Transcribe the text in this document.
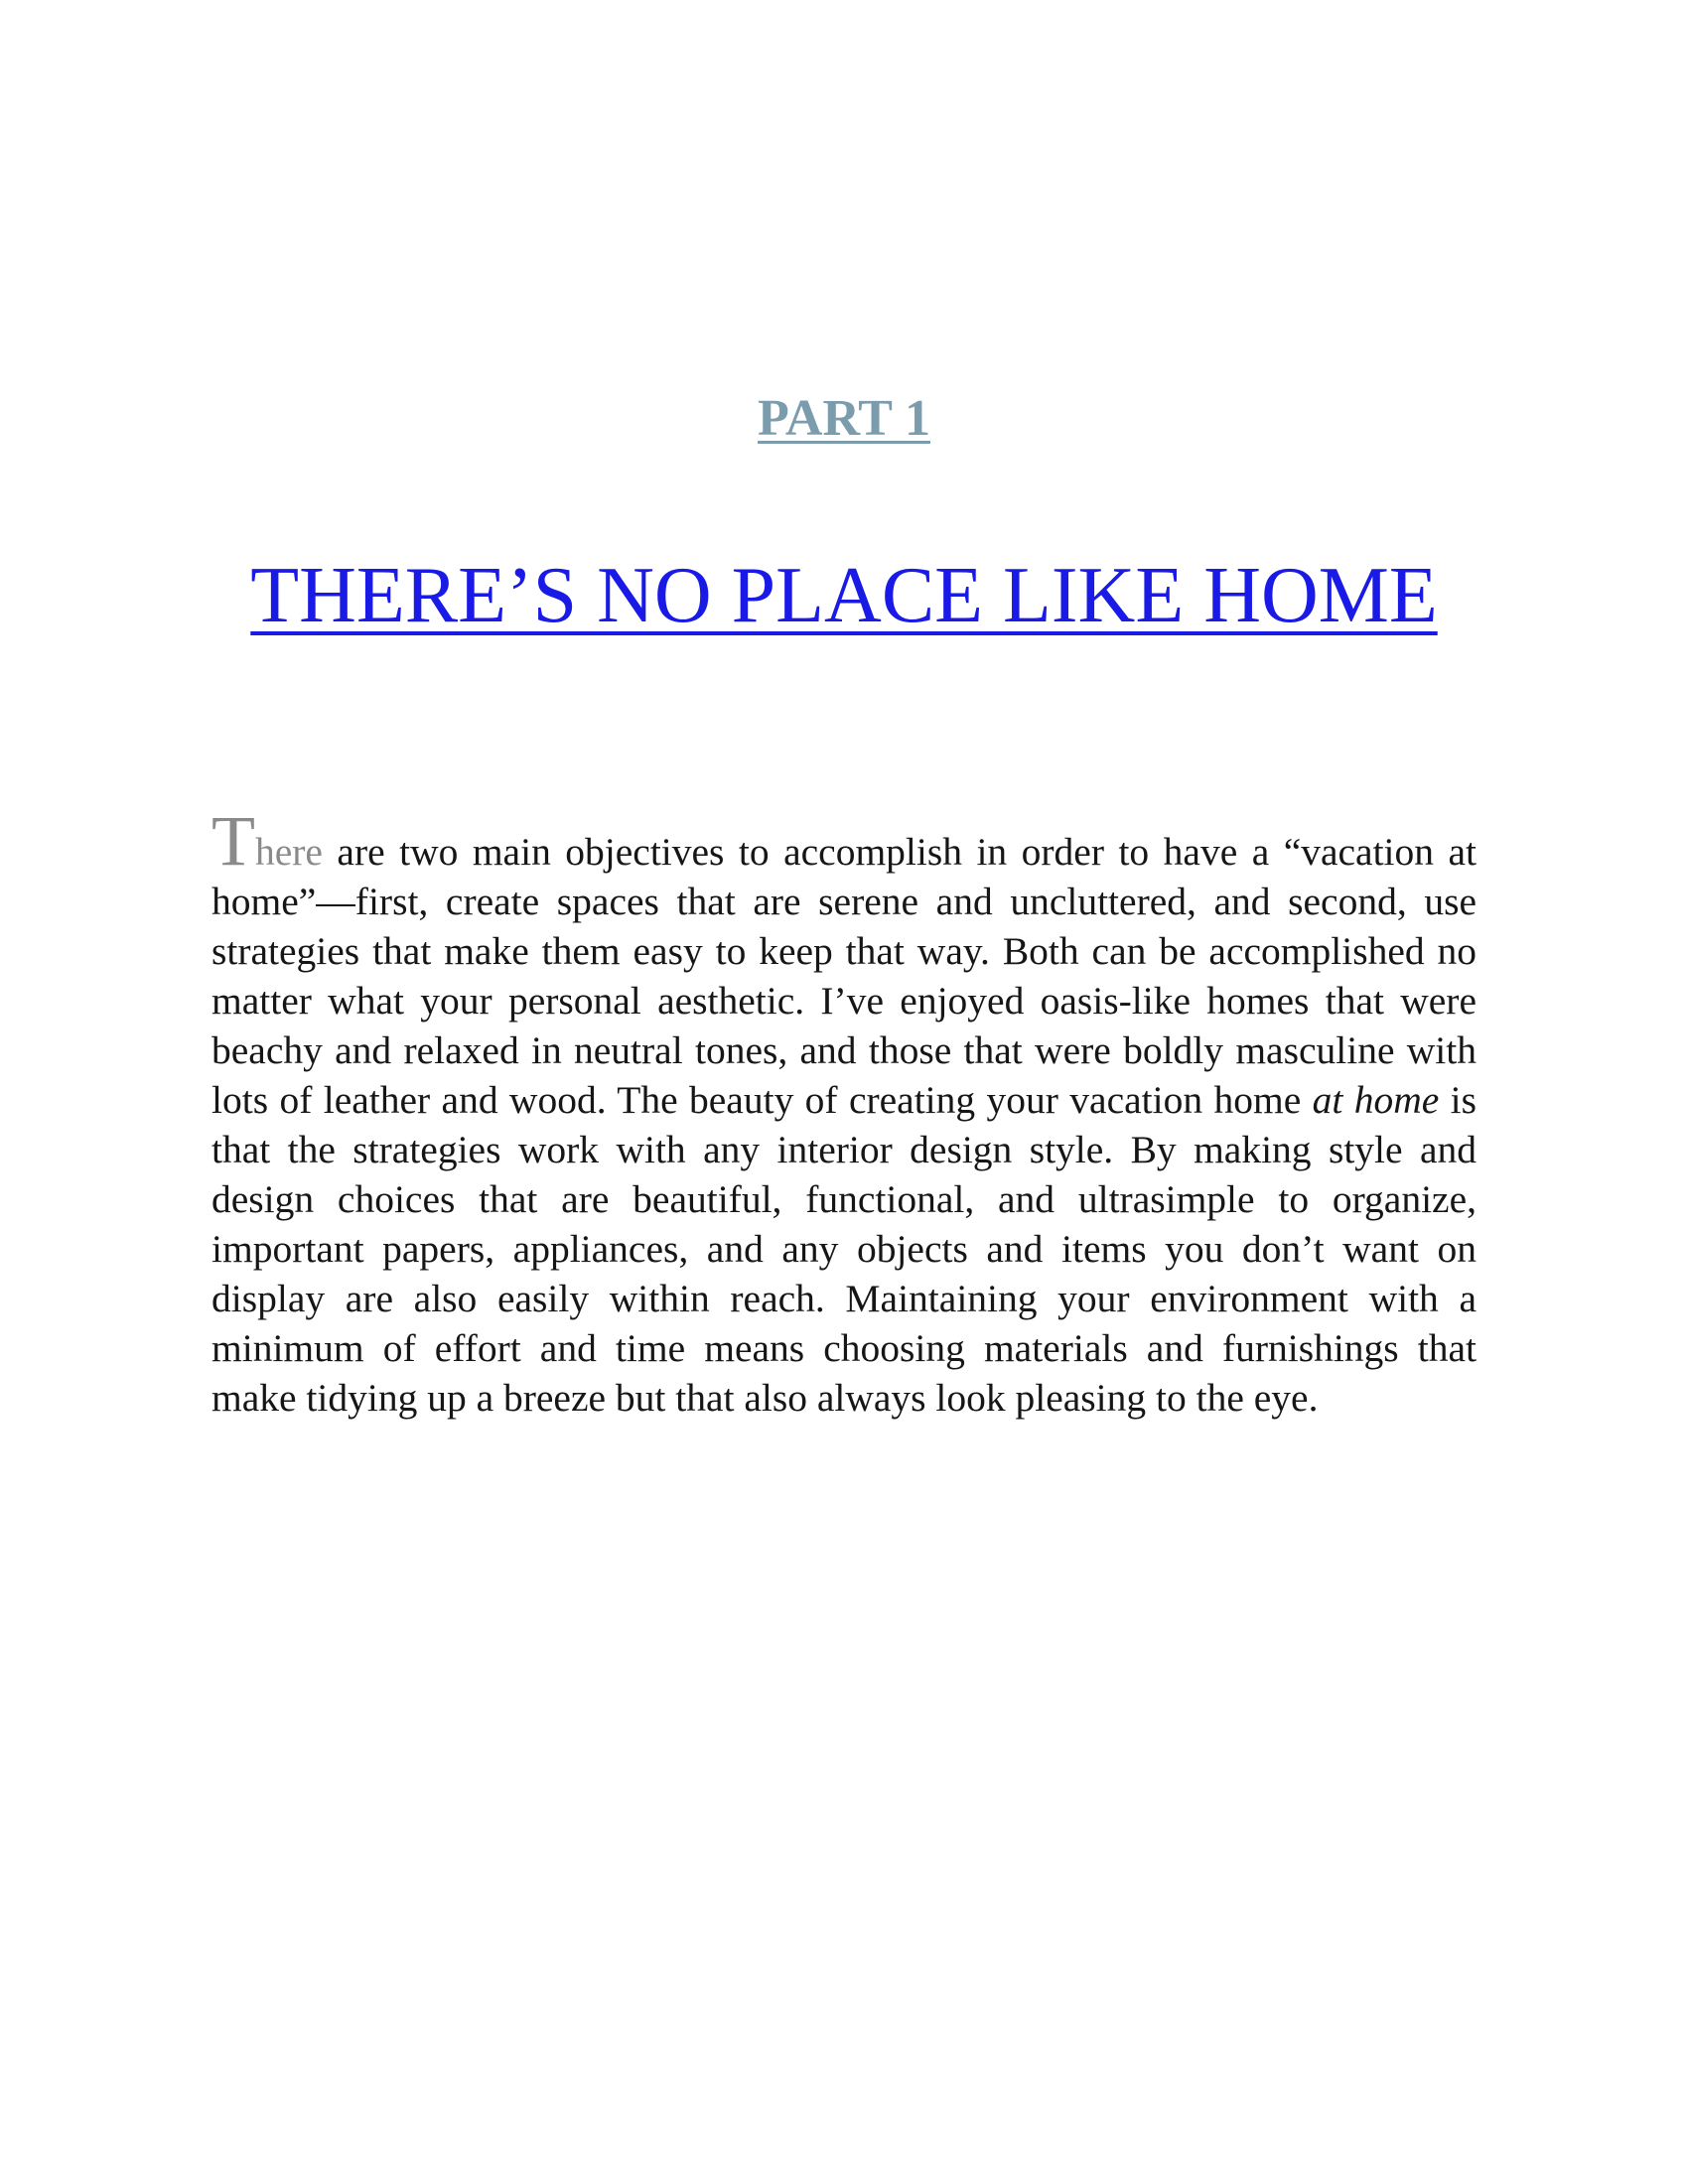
PART 1
THERE’S NO PLACE LIKE HOME

There are two main objectives to accomplish in order to have a “vacation at home”—first, create spaces that are serene and uncluttered, and second, use strategies that make them easy to keep that way. Both can be accomplished no matter what your personal aesthetic. I’ve enjoyed oasis-like homes that were beachy and relaxed in neutral tones, and those that were boldly masculine with lots of leather and wood. The beauty of creating your vacation home at home is that the strategies work with any interior design style. By making style and design choices that are beautiful, functional, and ultrasimple to organize, important papers, appliances, and any objects and items you don’t want on display are also easily within reach. Maintaining your environment with a minimum of effort and time means choosing materials and furnishings that make tidying up a breeze but that also always look pleasing to the eye.
